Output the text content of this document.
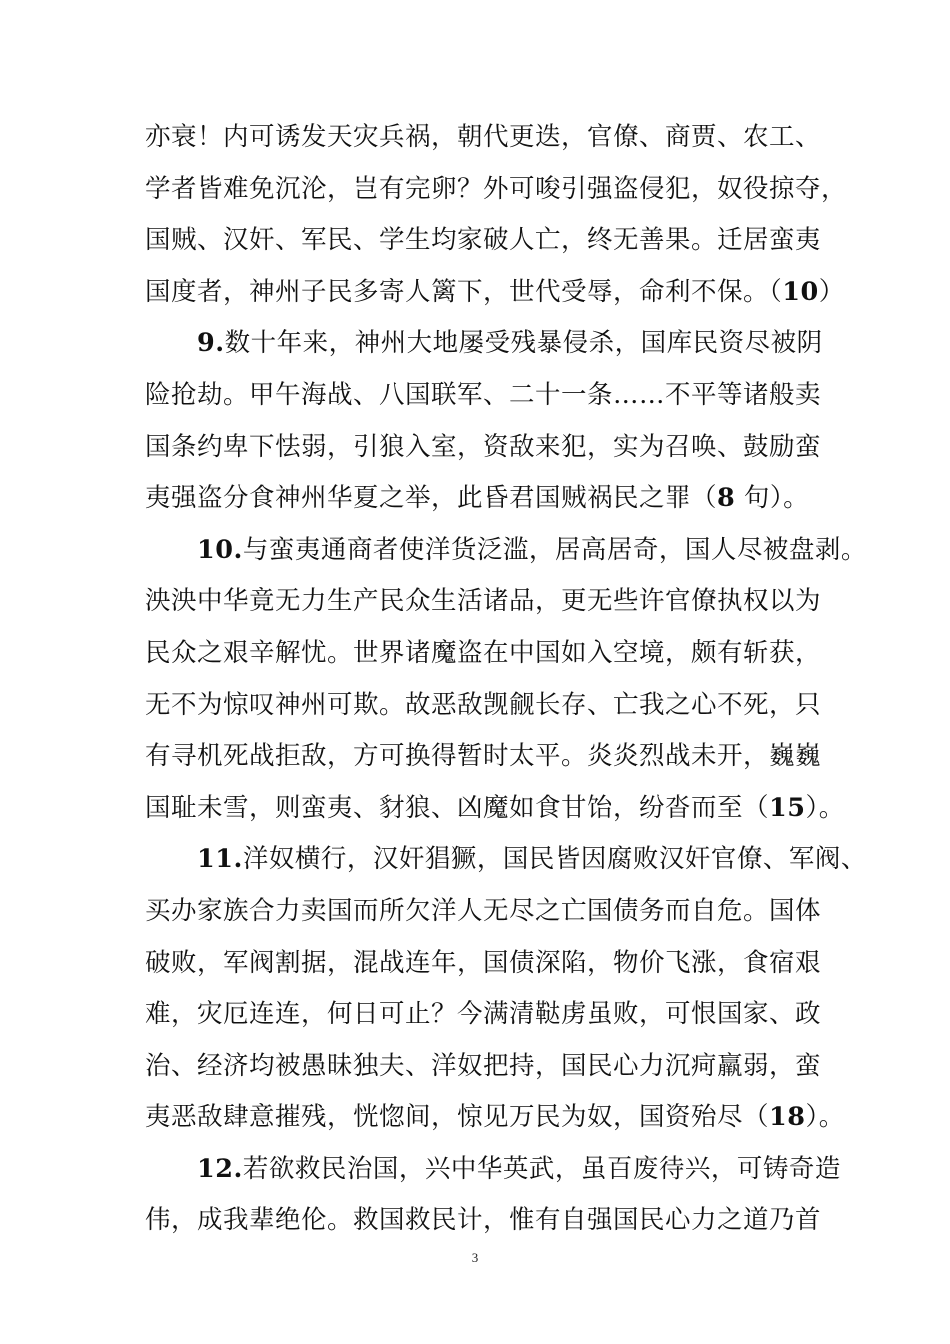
亦衰！内可诱发天灾兵祸，朝代更迭，官僚、商贾、农工、
学者皆难免沉沦，岂有完卵？外可唆引强盗侵犯，奴役掠夺，
国贼、汉奸、军民、学生均家破人亡，终无善果。迁居蛮夷
国度者，神州子民多寄人篱下，世代受辱，命利不保。（10）
9.数十年来，神州大地屡受残暴侵杀，国库民资尽被阴
险抢劫。甲午海战、八国联军、二十一条……不平等诸般卖
国条约卑下怯弱，引狼入室，资敌来犯，实为召唤、鼓励蛮
夷强盗分食神州华夏之举，此昏君国贼祸民之罪（8 句）。
10.与蛮夷通商者使洋货泛滥，居高居奇，国人尽被盘剥。
泱泱中华竟无力生产民众生活诸品，更无些许官僚执权以为
民众之艰辛解忧。世界诸魔盗在中国如入空境，颇有斩获，
无不为惊叹神州可欺。故恶敌觊觎长存、亡我之心不死，只
有寻机死战拒敌，方可换得暂时太平。炎炎烈战未开，巍巍
国耻未雪，则蛮夷、豺狼、凶魔如食甘饴，纷沓而至（15）。
11.洋奴横行，汉奸猖獗，国民皆因腐败汉奸官僚、军阀、
买办家族合力卖国而所欠洋人无尽之亡国债务而自危。国体
破败，军阀割据，混战连年，国债深陷，物价飞涨，食宿艰
难，灾厄连连，何日可止？今满清鞑虏虽败，可恨国家、政
治、经济均被愚昧独夫、洋奴把持，国民心力沉疴羸弱，蛮
夷恶敌肆意摧残，恍惚间，惊见万民为奴，国资殆尽（18）。
12.若欲救民治国，兴中华英武，虽百废待兴，可铸奇造
伟，成我辈绝伦。救国救民计，惟有自强国民心力之道乃首
3
